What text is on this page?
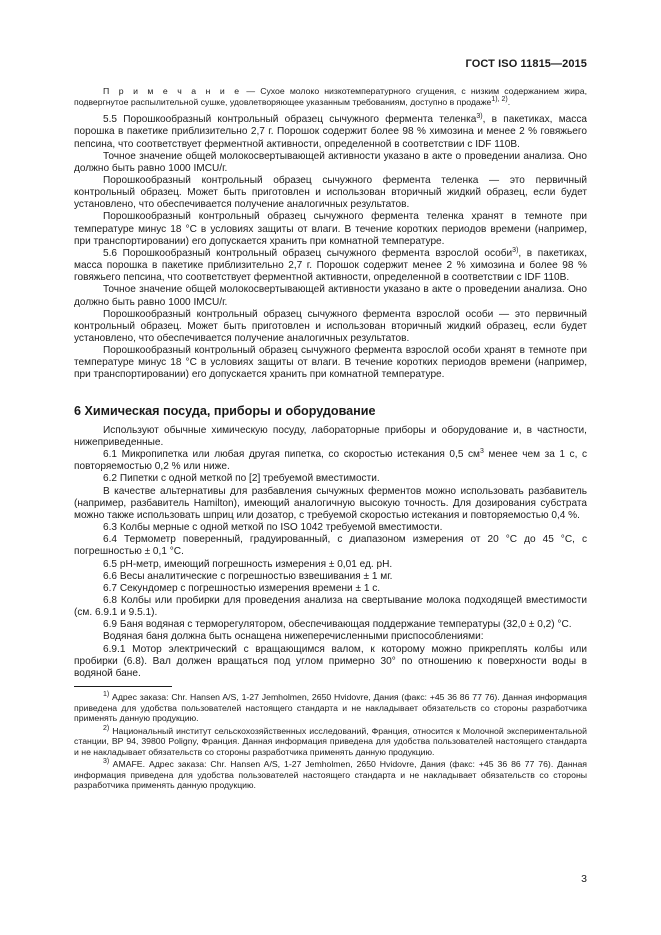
ГОСТ ISO 11815—2015

П р и м е ч а н и е — Сухое молоко низкотемпературного сгущения, с низким содержанием жира, подвергнутое распылительной сушке, удовлетворяющее указанным требованиям, доступно в продаже$^{1), 2)}$.

5.5 Порошкообразный контрольный образец сычужного фермента теленка$^{3)}$, в пакетиках, масса порошка в пакетике приблизительно 2,7 г. Порошок содержит более 98 % химозина и менее 2 % говяжьего пепсина, что соответствует ферментной активности, определенной в соответствии с IDF 110B.

Точное значение общей молокосвертывающей активности указано в акте о проведении анализа. Оно должно быть равно 1000 IMCU/г.

Порошкообразный контрольный образец сычужного фермента теленка — это первичный контрольный образец. Может быть приготовлен и использован вторичный жидкий образец, если будет установлено, что обеспечивается получение аналогичных результатов.

Порошкообразный контрольный образец сычужного фермента теленка хранят в темноте при температуре минус 18 °С в условиях защиты от влаги. В течение коротких периодов времени (например, при транспортировании) его допускается хранить при комнатной температуре.

5.6 Порошкообразный контрольный образец сычужного фермента взрослой особи$^{3)}$, в пакетиках, масса порошка в пакетике приблизительно 2,7 г. Порошок содержит менее 2 % химозина и более 98 % говяжьего пепсина, что соответствует ферментной активности, определенной в соответствии с IDF 110B.

Точное значение общей молокосвертывающей активности указано в акте о проведении анализа. Оно должно быть равно 1000 IMCU/г.

Порошкообразный контрольный образец сычужного фермента взрослой особи — это первичный контрольный образец. Может быть приготовлен и использован вторичный жидкий образец, если будет установлено, что обеспечивается получение аналогичных результатов.

Порошкообразный контрольный образец сычужного фермента взрослой особи хранят в темноте при температуре минус 18 °С в условиях защиты от влаги. В течение коротких периодов времени (например, при транспортировании) его допускается хранить при комнатной температуре.

6 Химическая посуда, приборы и оборудование

Используют обычные химическую посуду, лабораторные приборы и оборудование и, в частности, нижеприведенные.

6.1 Микропипетка или любая другая пипетка, со скоростью истекания 0,5 $см^3$ менее чем за 1 с, с повторяемостью 0,2 % или ниже.

6.2 Пипетки с одной меткой по [2] требуемой вместимости.

В качестве альтернативы для разбавления сычужных ферментов можно использовать разбавитель (например, разбавитель Hamilton), имеющий аналогичную высокую точность. Для дозирования субстрата можно также использовать шприц или дозатор, с требуемой скоростью истекания и повторяемостью 0,4 %.

6.3 Колбы мерные с одной меткой по ISO 1042 требуемой вместимости.

6.4 Термометр поверенный, градуированный, с диапазоном измерения от 20 °С до 45 °С, с погрешностью ± 0,1 °С.

6.5 pH-метр, имеющий погрешность измерения ± 0,01 ед. pH.

6.6 Весы аналитические с погрешностью взвешивания ± 1 мг.

6.7 Секундомер с погрешностью измерения времени ± 1 с.

6.8 Колбы или пробирки для проведения анализа на свертывание молока подходящей вместимости (см. 6.9.1 и 9.5.1).

6.9 Баня водяная с терморегулятором, обеспечивающая поддержание температуры (32,0 ± 0,2) °С.

Водяная баня должна быть оснащена нижеперечисленными приспособлениями:

6.9.1 Мотор электрический с вращающимся валом, к которому можно прикреплять колбы или пробирки (6.8). Вал должен вращаться под углом примерно 30° по отношению к поверхности воды в водяной бане.

$^{1)}$ Адрес заказа: Chr. Hansen A/S, 1-27 Jemholmen, 2650 Hvidovre, Дания (факс: +45 36 86 77 76). Данная информация приведена для удобства пользователей настоящего стандарта и не накладывает обязательств со стороны разработчика применять данную продукцию.

$^{2)}$ Национальный институт сельскохозяйственных исследований, Франция, относится к Молочной экспериментальной станции, ВР 94, 39800 Poligny, Франция. Данная информация приведена для удобства пользователей настоящего стандарта и не накладывает обязательств со стороны разработчика применять данную продукцию.

$^{3)}$ AMAFE. Адрес заказа: Chr. Hansen A/S, 1-27 Jemholmen, 2650 Hvidovre, Дания (факс: +45 36 86 77 76). Данная информация приведена для удобства пользователей настоящего стандарта и не накладывает обязательств со стороны разработчика применять данную продукцию.

3
